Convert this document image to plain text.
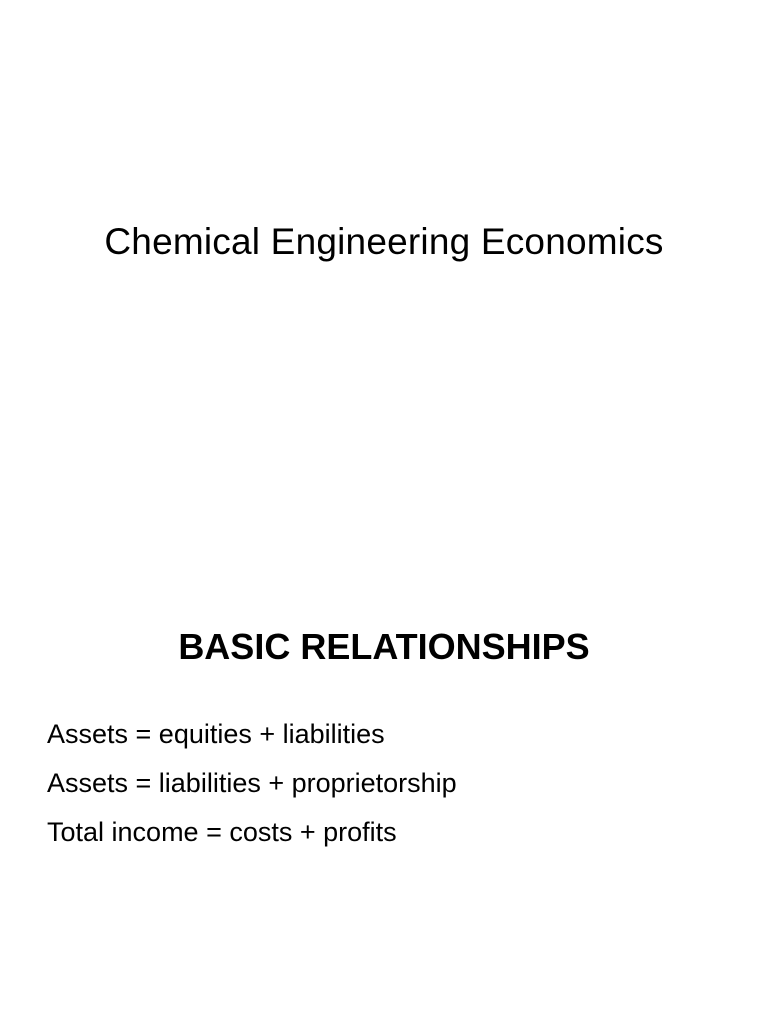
Chemical Engineering Economics
BASIC RELATIONSHIPS
Assets = equities + liabilities
Assets = liabilities + proprietorship
Total income = costs + profits
